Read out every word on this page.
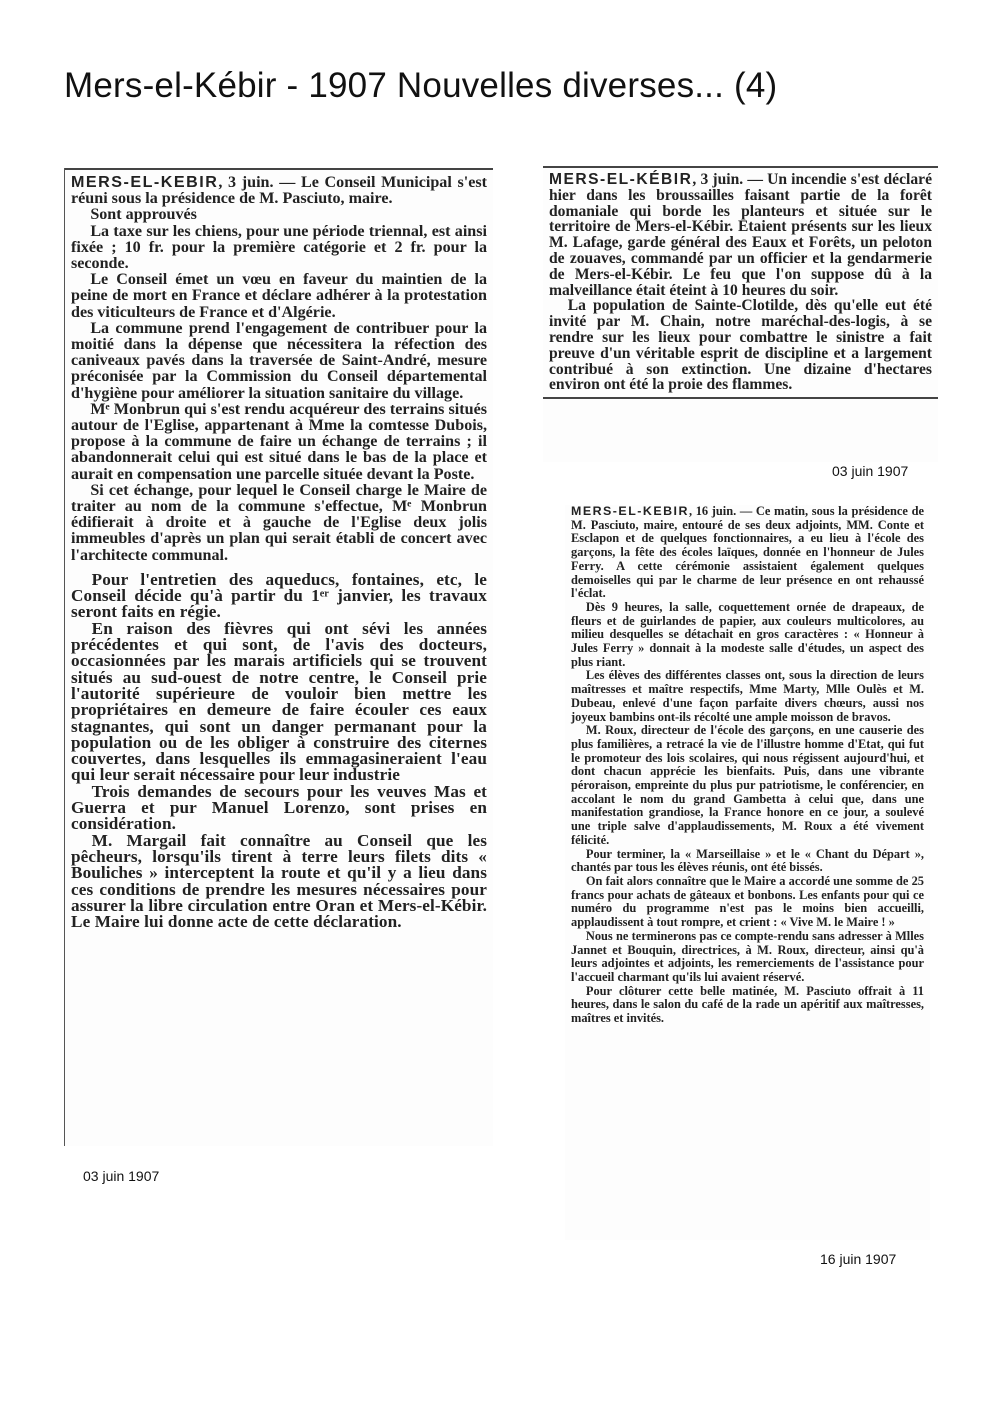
Mers-el-Kébir - 1907 Nouvelles diverses... (4)

MERS-EL-KEBIR, 3 juin. — Le Conseil Municipal s'est réuni sous la présidence de M. Pasciuto, maire.

Sont approuvés

La taxe sur les chiens, pour une période triennal, est ainsi fixée ; 10 fr. pour la première catégorie et 2 fr. pour la seconde.

Le Conseil émet un vœu en faveur du maintien de la peine de mort en France et déclare adhérer à la protestation des viticulteurs de France et d'Algérie.

La commune prend l'engagement de contribuer pour la moitié dans la dépense que nécessitera la réfection des caniveaux pavés dans la traversée de Saint-André, mesure préconisée par la Commission du Conseil départemental d'hygiène pour améliorer la situation sanitaire du village.

Mᵉ Monbrun qui s'est rendu acquéreur des terrains situés autour de l'Eglise, appartenant à Mme la comtesse Dubois, propose à la commune de faire un échange de terrains ; il abandonnerait celui qui est situé dans le bas de la place et aurait en compensation une parcelle située devant la Poste.

Si cet échange, pour lequel le Conseil charge le Maire de traiter au nom de la commune s'effectue, Mᵉ Monbrun édifierait à droite et à gauche de l'Eglise deux jolis immeubles d'après un plan qui serait établi de concert avec l'architecte communal.

Pour l'entretien des aqueducs, fontaines, etc, le Conseil décide qu'à partir du 1ᵉʳ janvier, les travaux seront faits en régie.

En raison des fièvres qui ont sévi les années précédentes et qui sont, de l'avis des docteurs, occasionnées par les marais artificiels qui se trouvent situés au sud-ouest de notre centre, le Conseil prie l'autorité supérieure de vouloir bien mettre les propriétaires en demeure de faire écouler ces eaux stagnantes, qui sont un danger permanant pour la population ou de les obliger à construire des citernes couvertes, dans lesquelles ils emmagasineraient l'eau qui leur serait nécessaire pour leur industrie

Trois demandes de secours pour les veuves Mas et Guerra et pur Manuel Lorenzo, sont prises en considération.

M. Margail fait connaître au Conseil que les pêcheurs, lorsqu'ils tirent à terre leurs filets dits « Bouliches » interceptent la route et qu'il y a lieu dans ces conditions de prendre les mesures nécessaires pour assurer la libre circulation entre Oran et Mers-el-Kébir. Le Maire lui donne acte de cette déclaration.

03 juin 1907

MERS-EL-KÉBIR, 3 juin. — Un incendie s'est déclaré hier dans les broussailles faisant partie de la forêt domaniale qui borde les planteurs et située sur le territoire de Mers-el-Kébir. Etaient présents sur les lieux M. Lafage, garde général des Eaux et Forêts, un peloton de zouaves, commandé par un officier et la gendarmerie de Mers-el-Kébir. Le feu que l'on suppose dû à la malveillance était éteint à 10 heures du soir.

La population de Sainte-Clotilde, dès qu'elle eut été invité par M. Chain, notre maréchal-des-logis, à se rendre sur les lieux pour combattre le sinistre a fait preuve d'un véritable esprit de discipline et a largement contribué à son extinction. Une dizaine d'hectares environ ont été la proie des flammes.

03 juin 1907

MERS-EL-KEBIR, 16 juin. — Ce matin, sous la présidence de M. Pasciuto, maire, entouré de ses deux adjoints, MM. Conte et Esclapon et de quelques fonctionnaires, a eu lieu à l'école des garçons, la fête des écoles laïques, donnée en l'honneur de Jules Ferry. A cette cérémonie assistaient également quelques demoiselles qui par le charme de leur présence en ont rehaussé l'éclat.

Dès 9 heures, la salle, coquettement ornée de drapeaux, de fleurs et de guirlandes de papier, aux couleurs multicolores, au milieu desquelles se détachait en gros caractères : « Honneur à Jules Ferry » donnait à la modeste salle d'études, un aspect des plus riant.

Les élèves des différentes classes ont, sous la direction de leurs maîtresses et maître respectifs, Mme Marty, Mlle Oulès et M. Dubeau, enlevé d'une façon parfaite divers chœurs, aussi nos joyeux bambins ont-ils récolté une ample moisson de bravos.

M. Roux, directeur de l'école des garçons, en une causerie des plus familières, a retracé la vie de l'illustre homme d'Etat, qui fut le promoteur des lois scolaires, qui nous régissent aujourd'hui, et dont chacun apprécie les bienfaits. Puis, dans une vibrante péroraison, empreinte du plus pur patriotisme, le conférencier, en accolant le nom du grand Gambetta à celui que, dans une manifestation grandiose, la France honore en ce jour, a soulevé une triple salve d'applaudissements, M. Roux a été vivement félicité.

Pour terminer, la « Marseillaise » et le « Chant du Départ », chantés par tous les élèves réunis, ont été bissés.

On fait alors connaître que le Maire a accordé une somme de 25 francs pour achats de gâteaux et bonbons. Les enfants pour qui ce numéro du programme n'est pas le moins bien accueilli, applaudissent à tout rompre, et crient : « Vive M. le Maire ! »

Nous ne terminerons pas ce compte-rendu sans adresser à Mlles Jannet et Bouquin, directrices, à M. Roux, directeur, ainsi qu'à leurs adjointes et adjoints, les remerciements de l'assistance pour l'accueil charmant qu'ils lui avaient réservé.

Pour clôturer cette belle matinée, M. Pasciuto offrait à 11 heures, dans le salon du café de la rade un apéritif aux maîtresses, maîtres et invités.

16 juin 1907
